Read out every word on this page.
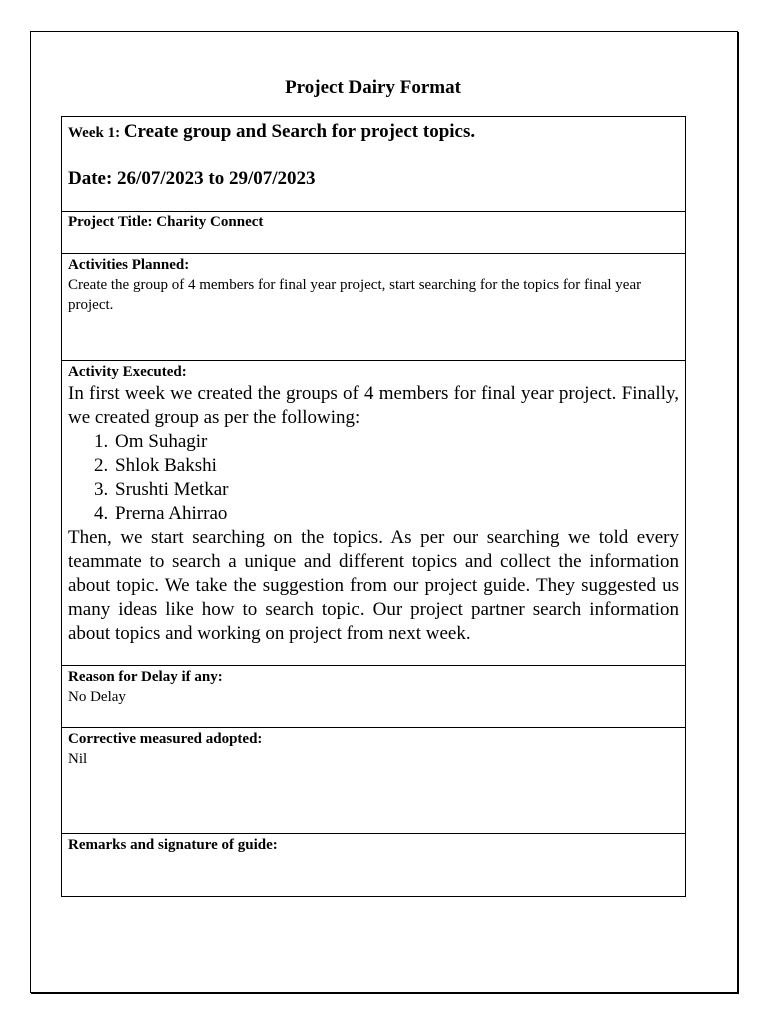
Project Dairy Format

Week 1: Create group and Search for project topics.

Date: 26/07/2023 to 29/07/2023

Project Title: Charity Connect

Activities Planned:

Create the group of 4 members for final year project, start searching for the topics for final year project.

Activity Executed:

In first week we created the groups of 4 members for final year project. Finally, we created group as per the following:

1. Om Suhagir
2. Shlok Bakshi
3. Srushti Metkar
4. Prerna Ahirrao

Then, we start searching on the topics. As per our searching we told every teammate to search a unique and different topics and collect the information about topic. We take the suggestion from our project guide. They suggested us many ideas like how to search topic. Our project partner search information about topics and working on project from next week.

Reason for Delay if any:

No Delay

Corrective measured adopted:

Nil

Remarks and signature of guide:
